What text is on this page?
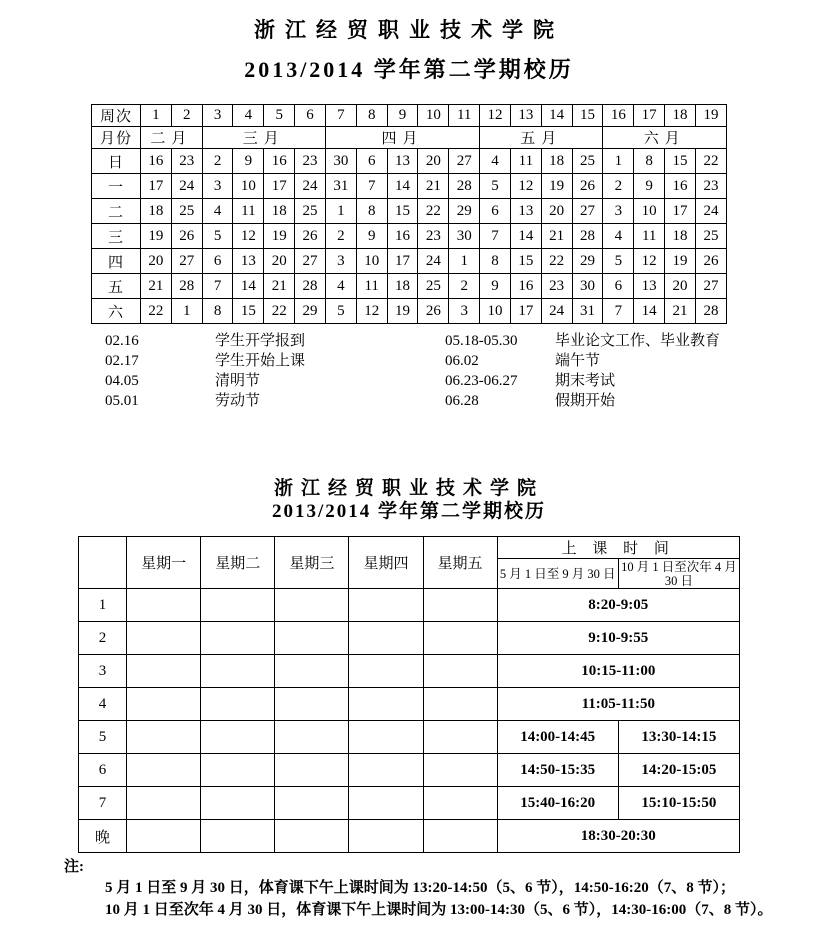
浙江经贸职业技术学院
2013/2014 学年第二学期校历
周次	1	2	3	4	5	6	7	8	9	10	11	12	13	14	15	16	17	18	19
月份	二月		三月				四月					五月				六月			
日	16	23	2	9	16	23	30	6	13	20	27	4	11	18	25	1	8	15	22
一	17	24	3	10	17	24	31	7	14	21	28	5	12	19	26	2	9	16	23
二	18	25	4	11	18	25	1	8	15	22	29	6	13	20	27	3	10	17	24
三	19	26	5	12	19	26	2	9	16	23	30	7	14	21	28	4	11	18	25
四	20	27	6	13	20	27	3	10	17	24	1	8	15	22	29	5	12	19	26
五	21	28	7	14	21	28	4	11	18	25	2	9	16	23	30	6	13	20	27
六	22	1	8	15	22	29	5	12	19	26	3	10	17	24	31	7	14	21	28
02.16	学生开学报到	05.18-05.30	毕业论文工作、毕业教育
02.17	学生开始上课	06.02	端午节
04.05	清明节	06.23-06.27	期末考试
05.01	劳动节	06.28	假期开始
浙江经贸职业技术学院
2013/2014 学年第二学期校历
	星期一	星期二	星期三	星期四	星期五	上 课 时 间	
						5 月 1 日至 9 月 30 日	10 月 1 日至次年 4 月 30 日
1						8:20-9:05	
2						9:10-9:55	
3						10:15-11:00	
4						11:05-11:50	
5						14:00-14:45	13:30-14:15
6						14:50-15:35	14:20-15:05
7						15:40-16:20	15:10-15:50
晚						18:30-20:30	
注:
5 月 1 日至 9 月 30 日，体育课下午上课时间为 13:20-14:50（5、6 节），14:50-16:20（7、8 节）；
10 月 1 日至次年 4 月 30 日，体育课下午上课时间为 13:00-14:30（5、6 节），14:30-16:00（7、8 节）。
